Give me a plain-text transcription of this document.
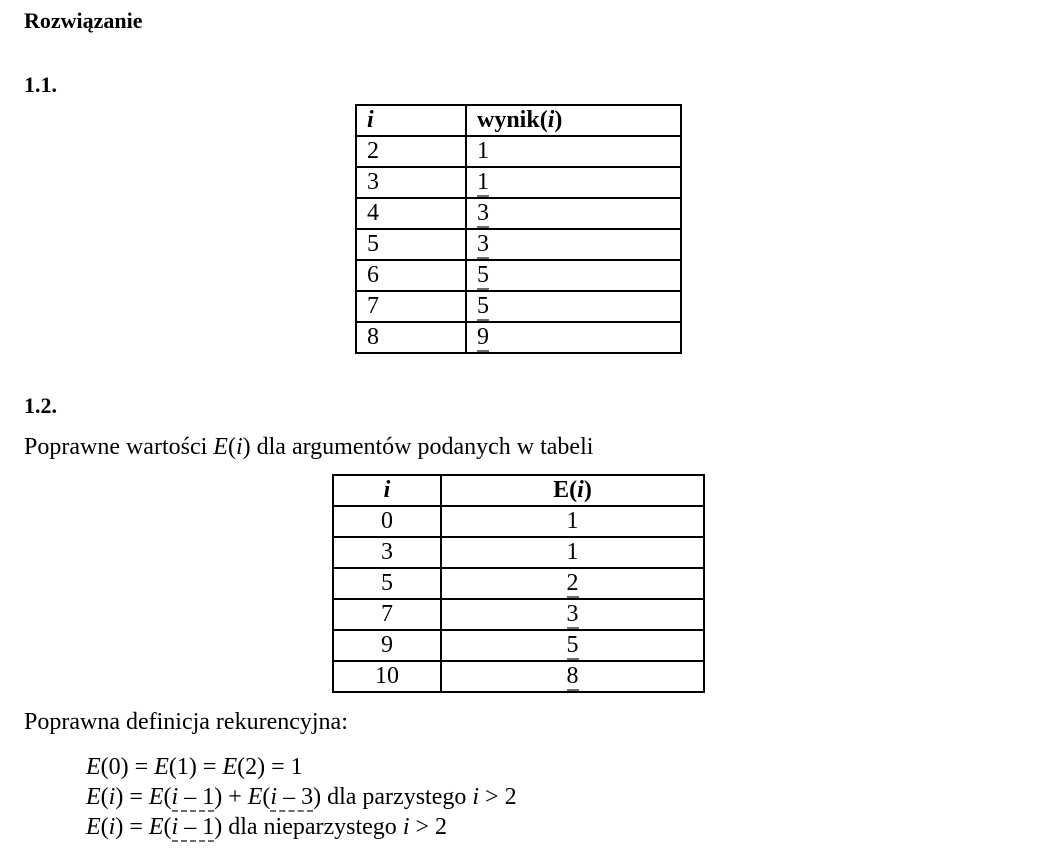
Rozwiązanie
1.1.
i	wynik(i)
2	1
3	1
4	3
5	3
6	5
7	5
8	9
1.2.
Poprawne wartości E(i) dla argumentów podanych w tabeli
i	E(i)
0	1
3	1
5	2
7	3
9	5
10	8
Poprawna definicja rekurencyjna:
E(0) = E(1) = E(2) = 1
E(i) = E(i – 1) + E(i – 3) dla parzystego i > 2
E(i) = E(i – 1) dla nieparzystego i > 2
